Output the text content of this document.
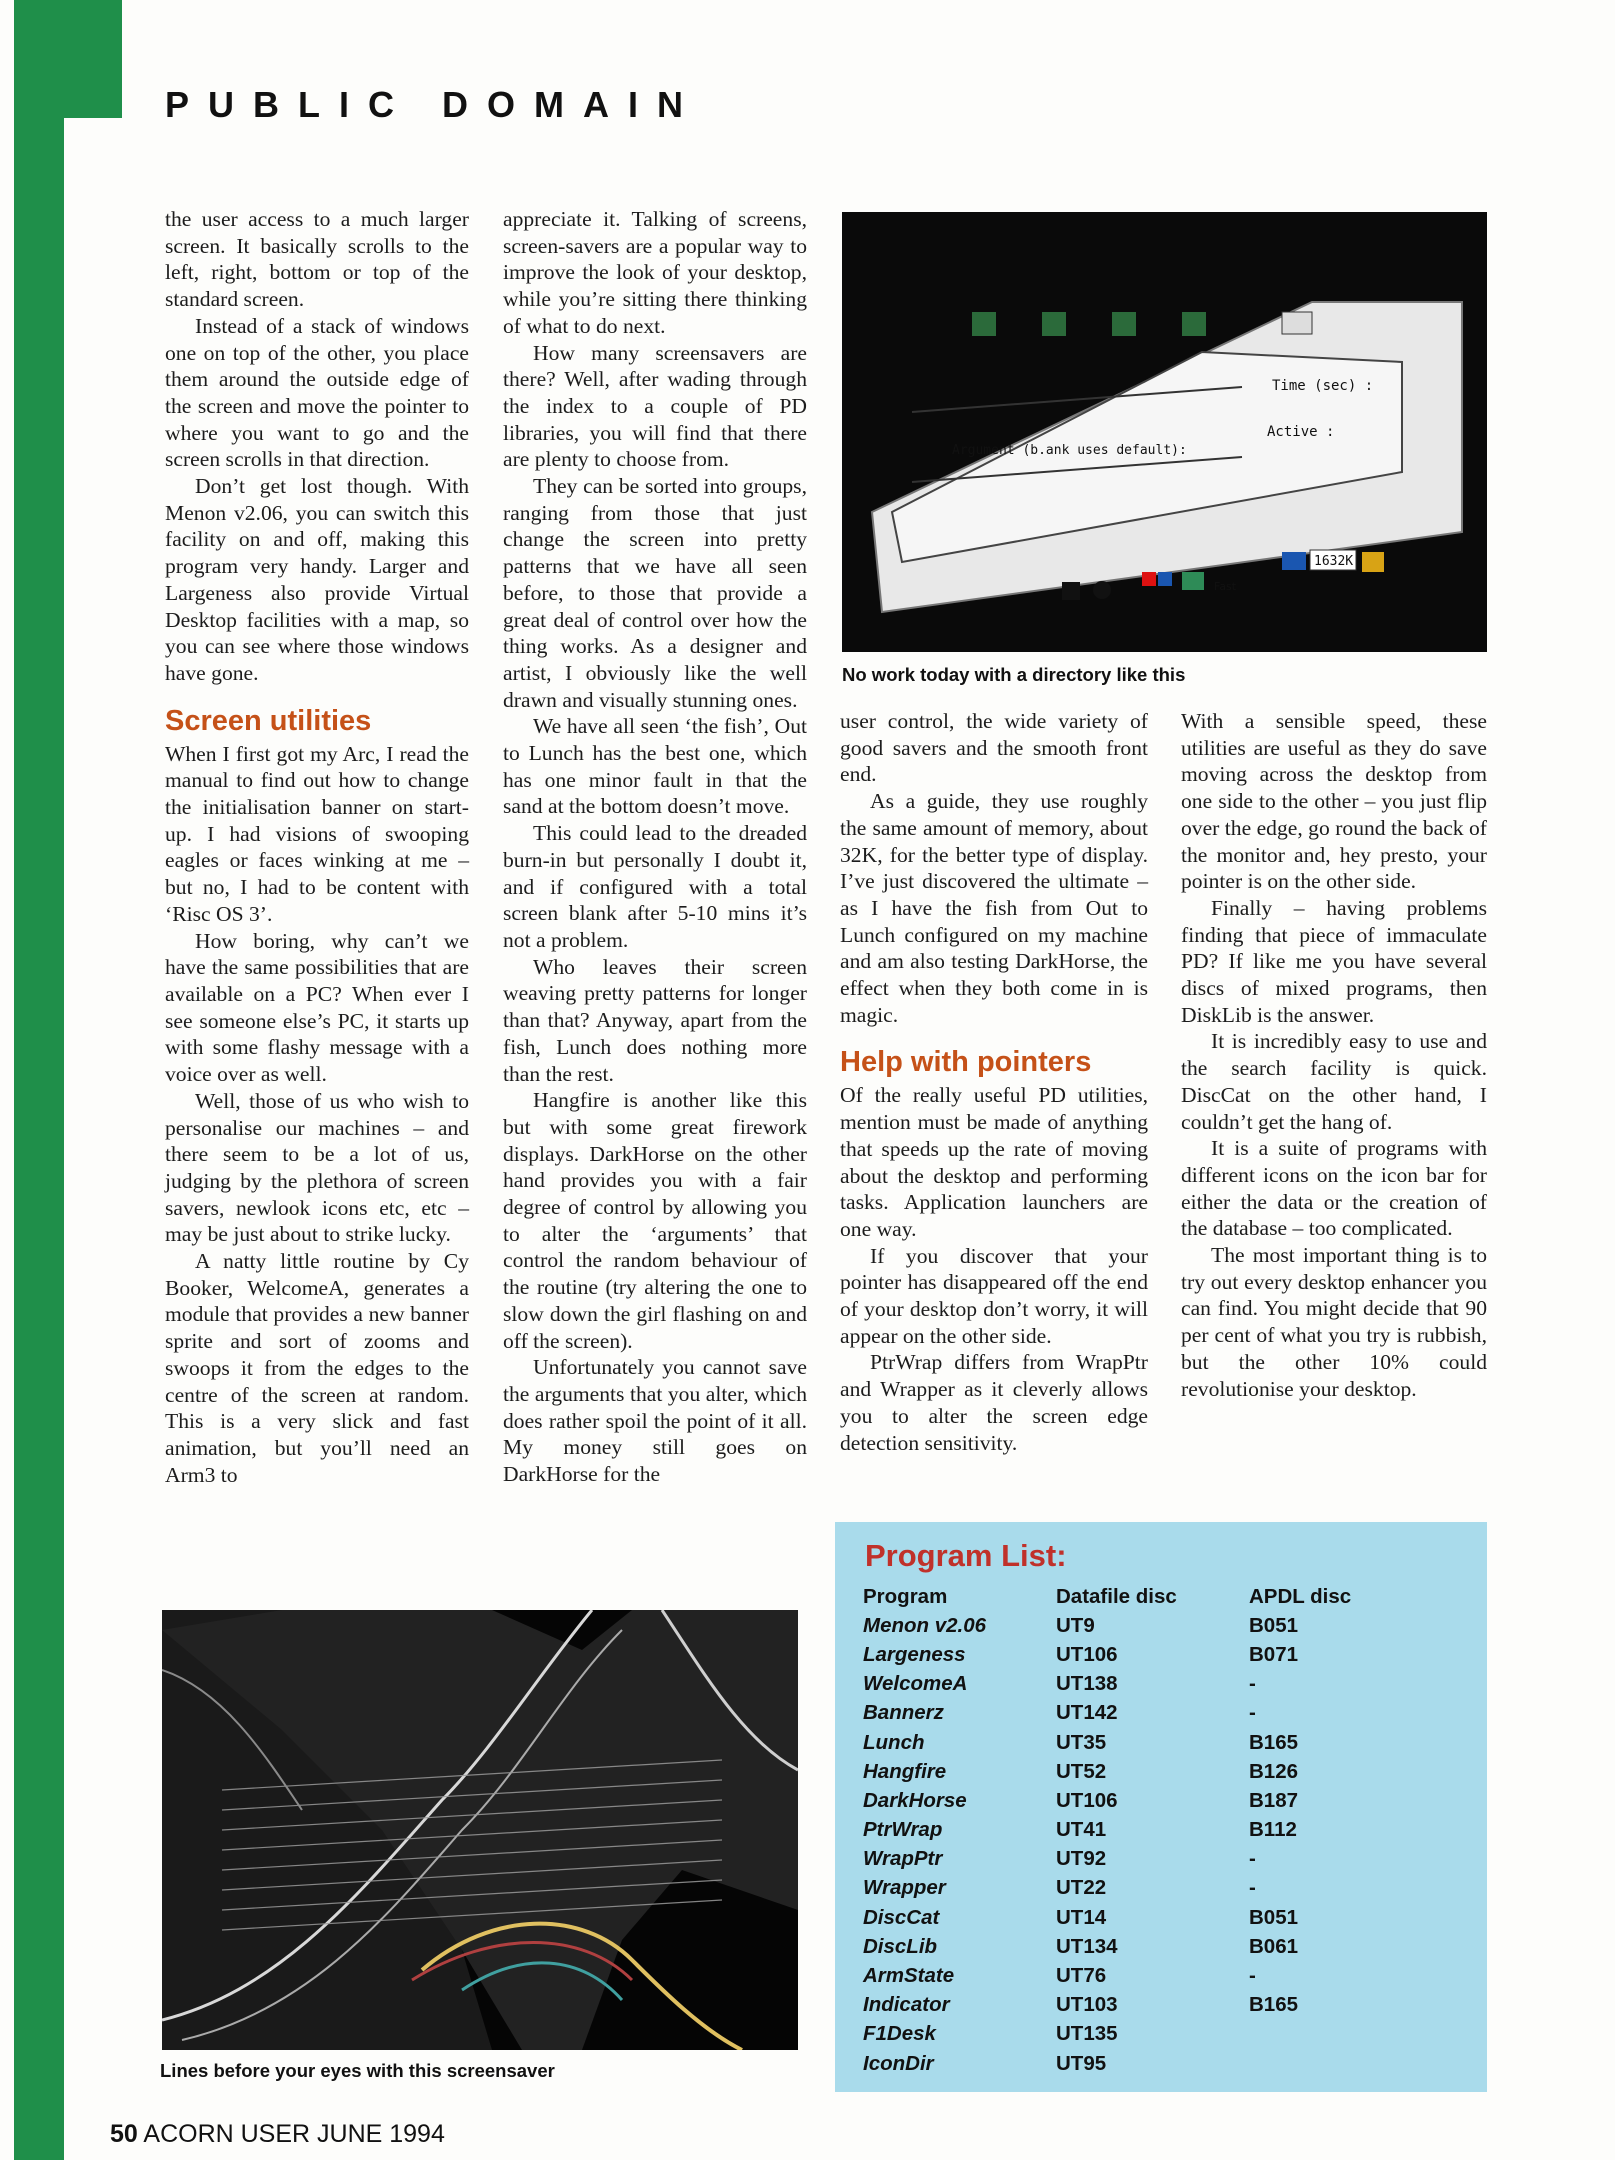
PUBLIC DOMAIN

the user access to a much larger screen. It basically scrolls to the left, right, bottom or top of the standard screen.

Instead of a stack of windows one on top of the other, you place them around the outside edge of the screen and move the pointer to where you want to go and the screen scrolls in that direction.

Don’t get lost though. With Menon v2.06, you can switch this facility on and off, making this program very handy. Larger and Largeness also provide Virtual Desktop facilities with a map, so you can see where those windows have gone.

Screen utilities

When I first got my Arc, I read the manual to find out how to change the initialisation banner on start-up. I had visions of swooping eagles or faces winking at me – but no, I had to be content with ‘Risc OS 3’.

How boring, why can’t we have the same possibilities that are available on a PC? When ever I see someone else’s PC, it starts up with some flashy message with a voice over as well.

Well, those of us who wish to personalise our machines – and there seem to be a lot of us, judging by the plethora of screen savers, newlook icons etc, etc – may be just about to strike lucky.

A natty little routine by Cy Booker, WelcomeA, generates a module that provides a new banner sprite and sort of zooms and swoops it from the edges to the centre of the screen at random. This is a very slick and fast animation, but you’ll need an Arm3 to

appreciate it. Talking of screens, screen-savers are a popular way to improve the look of your desktop, while you’re sitting there thinking of what to do next.

How many screensavers are there? Well, after wading through the index to a couple of PD libraries, you will find that there are plenty to choose from.

They can be sorted into groups, ranging from those that just change the screen into pretty patterns that we have all seen before, to those that provide a great deal of control over how the thing works. As a designer and artist, I obviously like the well drawn and visually stunning ones.

We have all seen ‘the fish’, Out to Lunch has the best one, which has one minor fault in that the sand at the bottom doesn’t move.

This could lead to the dreaded burn-in but personally I doubt it, and if configured with a total screen blank after 5-10 mins it’s not a problem.

Who leaves their screen weaving pretty patterns for longer than that? Anyway, apart from the fish, Lunch does nothing more than the rest.

Hangfire is another like this but with some great firework displays. DarkHorse on the other hand provides you with a fair degree of control by allowing you to alter the ‘arguments’ that control the random behaviour of the routine (try altering the one to slow down the girl flashing on and off the screen).

Unfortunately you cannot save the arguments that you alter, which does rather spoil the point of it all. My money still goes on DarkHorse for the

Time (sec) :
Active :
Argument (b.ank uses default):
1632K
Fast
No work today with a directory like this

user control, the wide variety of good savers and the smooth front end.

As a guide, they use roughly the same amount of memory, about 32K, for the better type of display. I’ve just discovered the ultimate – as I have the fish from Out to Lunch configured on my machine and am also testing DarkHorse, the effect when they both come in is magic.

Help with pointers

Of the really useful PD utilities, mention must be made of anything that speeds up the rate of moving about the desktop and performing tasks. Application launchers are one way.

If you discover that your pointer has disappeared off the end of your desktop don’t worry, it will appear on the other side.

PtrWrap differs from WrapPtr and Wrapper as it cleverly allows you to alter the screen edge detection sensitivity.

With a sensible speed, these utilities are useful as they do save moving across the desktop from one side to the other – you just flip over the edge, go round the back of the monitor and, hey presto, your pointer is on the other side.

Finally – having problems finding that piece of immaculate PD? If like me you have several discs of mixed programs, then DiskLib is the answer.

It is incredibly easy to use and the search facility is quick. DiscCat on the other hand, I couldn’t get the hang of.

It is a suite of programs with different icons on the icon bar for either the data or the creation of the database – too complicated.

The most important thing is to try out every desktop enhancer you can find. You might decide that 90 per cent of what you try is rubbish, but the other 10% could revolutionise your desktop.

Lines before your eyes with this screensaver
Program List:
Program	Datafile disc	APDL disc
Menon v2.06	UT9	B051
Largeness	UT106	B071
WelcomeA	UT138	-
Bannerz	UT142	-
Lunch	UT35	B165
Hangfire	UT52	B126
DarkHorse	UT106	B187
PtrWrap	UT41	B112
WrapPtr	UT92	-
Wrapper	UT22	-
DiscCat	UT14	B051
DiscLib	UT134	B061
ArmState	UT76	-
Indicator	UT103	B165
F1Desk	UT135	
IconDir	UT95	
50 ACORN USER JUNE 1994
